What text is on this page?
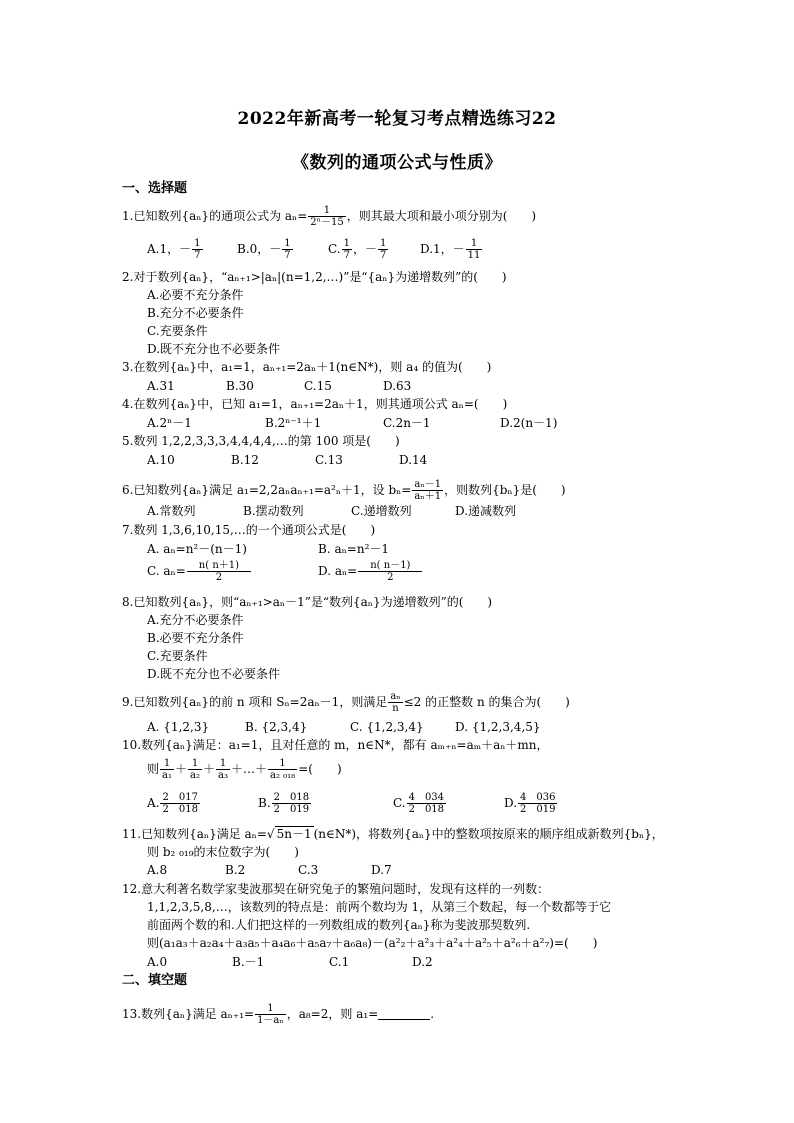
2022年新高考一轮复习考点精选练习22
《数列的通项公式与性质》
一、选择题
1.已知数列{aₙ}的通项公式为 $a_n= \frac{1}{\text{2ⁿ－15}}$ ，则其最大项和最小项分别为(　　)
A.1，－ $\frac{1}{7}$	B.0，－ $\frac{1}{7}$	C. $\frac{1}{7}$ ，－ $\frac{1}{7}$	D.1，－ $\frac{1}{11}$
2.对于数列{aₙ}，“aₙ₊₁>|aₙ|(n=1,2,…)”是“{aₙ}为递增数列”的(　　)
A.必要不充分条件
B.充分不必要条件
C.充要条件
D.既不充分也不必要条件
3.在数列{aₙ}中，a₁=1，aₙ₊₁=2aₙ＋1(n∈N*)，则 a₄ 的值为(　　)
A.31	B.30	C.15	D.63
4.在数列{aₙ}中，已知 a₁=1，aₙ₊₁=2aₙ＋1，则其通项公式 aₙ=(　　)
A.2ⁿ－1	B.2ⁿ⁻¹＋1	C.2n－1	D.2(n－1)
5.数列 1,2,2,3,3,3,4,4,4,4,…的第 100 项是(　　)
A.10	B.12	C.13	D.14
6.已知数列{aₙ}满足 a₁=2,2aₙaₙ₊₁=a²ₙ＋1，设 $b_n= \frac{\text{aₙ－1}}{\text{aₙ＋1}}$ ，则数列{bₙ}是(　　)
A.常数列	B.摆动数列	C.递增数列	D.递减数列
7.数列 1,3,6,10,15,…的一个通项公式是(　　)
A. aₙ=n²－(n－1)	B. aₙ=n²－1
C. $a_n= \frac{n( n+1)}{2}$	D. $a_n= \frac{n( n-1)}{2}$
8.已知数列{aₙ}，则“aₙ₊₁>aₙ－1”是“数列{aₙ}为递增数列”的(　　)
A.充分不必要条件
B.必要不充分条件
C.充要条件
D.既不充分也不必要条件
9.已知数列{aₙ}的前 n 项和 Sₙ=2aₙ－1，则满足 $\frac{\text{aₙ}}{n} \le 2$ 的正整数 n 的集合为(　　)
A. {1,2,3}	B. {2,3,4}	C. {1,2,3,4}	D. {1,2,3,4,5}
10.数列{aₙ}满足：a₁=1，且对任意的 m，n∈N*，都有 aₘ₊ₙ=aₘ＋aₙ＋mn，
则 $\frac{1}{\text{a₁}} + \frac{1}{\text{a₂}} + \frac{1}{\text{a₃}}$ ＋…＋ $\frac{1}{\text{a₂ ₀₁₈}}$ =(　　)
A. $\frac{2 017}{2 018}$	B. $\frac{2 018}{2 019}$	C. $\frac{4 034}{2 018}$	D. $\frac{4 036}{2 019}$
11.已知数列{aₙ}满足 aₙ=√ 5n－1 (n∈N*)，将数列{aₙ}中的整数项按原来的顺序组成新数列{bₙ}，
则 b₂ ₀₁₉的末位数字为(　　)
A.8	B.2	C.3	D.7
12.意大利著名数学家斐波那契在研究兔子的繁殖问题时，发现有这样的一列数：
1,1,2,3,5,8,…，该数列的特点是：前两个数均为 1，从第三个数起，每一个数都等于它
前面两个数的和.人们把这样的一列数组成的数列{aₙ}称为斐波那契数列.
则(a₁a₃＋a₂a₄＋a₃a₅＋a₄a₆＋a₅a₇＋a₆a₈)－(a²₂＋a²₃＋a²₄＋a²₅＋a²₆＋a²₇)=(　　)
A.0	B.－1	C.1	D.2
二、填空题
13.数列{aₙ}满足 $a_{n+1}= \frac{1}{\text{1－aₙ}}$ ，a₈=2，则 a₁=	.
